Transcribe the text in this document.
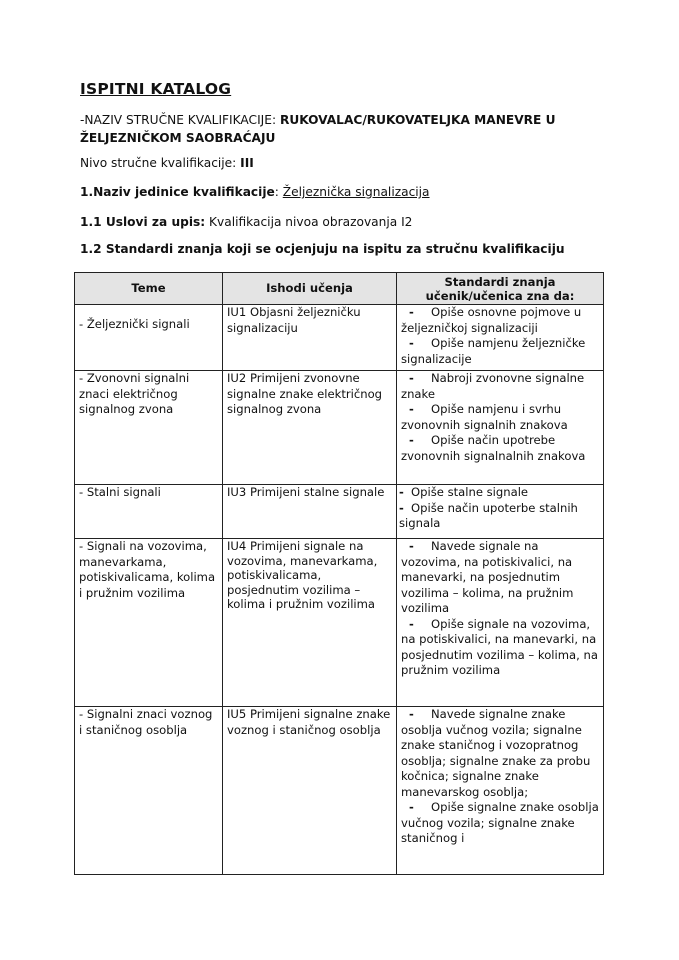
ISPITNI KATALOG
-NAZIV STRUČNE KVALIFIKACIJE: RUKOVALAC/RUKOVATELJKA MANEVRE U ŽELJEZNIČKOM SAOBRAĆAJU
Nivo stručne kvalifikacije: III
1.Naziv jedinice kvalifikacije: Željeznička signalizacija
1.1 Uslovi za upis: Kvalifikacija nivoa obrazovanja I2
1.2 Standardi znanja koji se ocjenjuju na ispitu za stručnu kvalifikaciju
Teme	Ishodi učenja	Standardi znanja učenik/učenica zna da:
- Željeznički signali	IU1 Objasni željezničku signalizaciju	- Opiše osnovne pojmove u željezničkoj signalizaciji
- Opiše namjenu željezničke signalizacije

- Zvonovni signalni znaci električnog signalnog zvona	IU2 Primijeni zvonovne signalne znake električnog signalnog zvona	- Nabroji zvonovne signalne znake
- Opiše namjenu i svrhu zvonovnih signalnih znakova
- Opiše način upotrebe zvonovnih signalnalnih znakova

- Stalni signali	IU3 Primijeni stalne signale	- Opiše stalne signale
- Opiše način upoterbe stalnih signala

- Signali na vozovima, manevarkama, potiskivalicama, kolima i pružnim vozilima	IU4 Primijeni signale na vozovima, manevarkama, potiskivalicama, posjednutim vozilima – kolima i pružnim vozilima	- Navede signale na vozovima, na potiskivalici, na manevarki, na posjednutim vozilima – kolima, na pružnim vozilima
- Opiše signale na vozovima, na potiskivalici, na manevarki, na posjednutim vozilima – kolima, na pružnim vozilima

- Signalni znaci voznog i staničnog osoblja	IU5 Primijeni signalne znake voznog i staničnog osoblja	- Navede signalne znake osoblja vučnog vozila; signalne znake staničnog i vozopratnog osoblja; signalne znake za probu kočnica; signalne znake manevarskog osoblja;
- Opiše signalne znake osoblja vučnog vozila; signalne znake staničnog i
